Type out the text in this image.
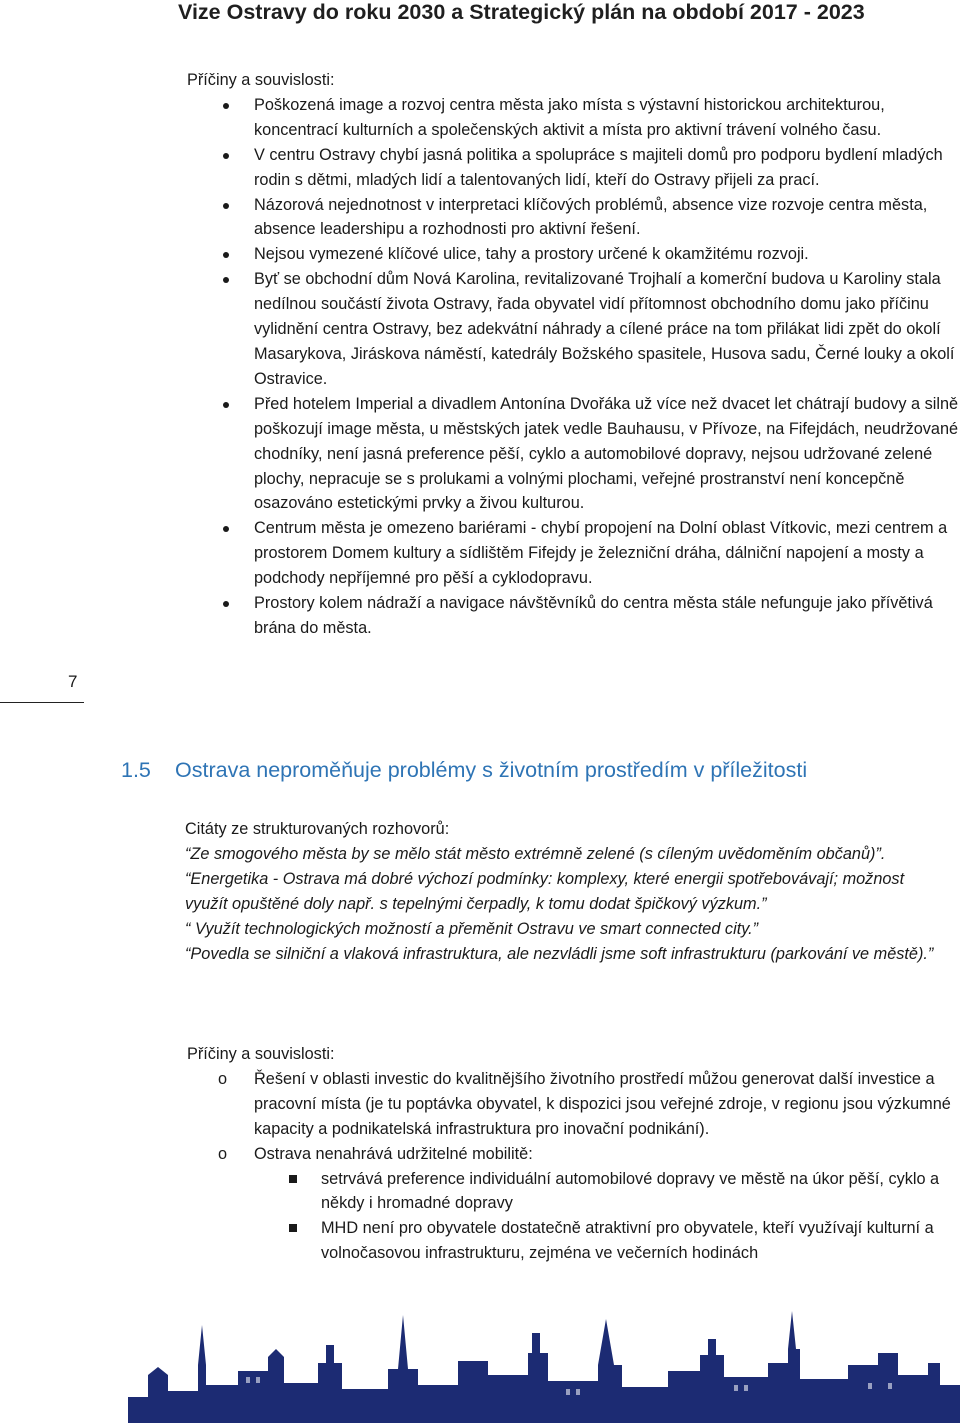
Vize Ostravy do roku 2030 a Strategický plán na období 2017 - 2023
7

Příčiny a souvislosti:

Poškozená image a rozvoj centra města jako místa s výstavní historickou architekturou, koncentrací kulturních a společenských aktivit a místa pro aktivní trávení volného času.
V centru Ostravy chybí jasná politika a spolupráce s majiteli domů pro podporu bydlení mladých rodin s dětmi, mladých lidí a talentovaných lidí, kteří do Ostravy přijeli za prací.
Názorová nejednotnost v interpretaci klíčových problémů, absence vize rozvoje centra města, absence leadershipu a rozhodnosti pro aktivní řešení.
Nejsou vymezené klíčové ulice, tahy a prostory určené k okamžitému rozvoji.
Byť se obchodní dům Nová Karolina, revitalizované Trojhalí a komerční budova u Karoliny stala nedílnou součástí života Ostravy, řada obyvatel vidí přítomnost obchodního domu jako příčinu vylidnění centra Ostravy, bez adekvátní náhrady a cílené práce na tom přilákat lidi zpět do okolí Masarykova, Jiráskova náměstí, katedrály Božského spasitele, Husova sadu, Černé louky a okolí Ostravice.
Před hotelem Imperial a divadlem Antonína Dvořáka už více než dvacet let chátrají budovy a silně poškozují image města, u městských jatek vedle Bauhausu, v Přívoze, na Fifejdách, neudržované chodníky, není jasná preference pěší, cyklo a automobilové dopravy, nejsou udržované zelené plochy, nepracuje se s prolukami a volnými plochami, veřejné prostranství není koncepčně osazováno estetickými prvky a živou kulturou.
Centrum města je omezeno bariérami - chybí propojení na Dolní oblast Vítkovic, mezi centrem a prostorem Domem kultury a sídlištěm Fifejdy je železniční dráha, dálniční napojení a mosty a podchody nepříjemné pro pěší a cyklodopravu.
Prostory kolem nádraží a navigace návštěvníků do centra města stále nefunguje jako přívětivá brána do města.
1.5 Ostrava neproměňuje problémy s životním prostředím v příležitosti

Citáty ze strukturovaných rozhovorů:

“Ze smogového města by se mělo stát město extrémně zelené (s cíleným uvědoměním občanů)”.

“Energetika - Ostrava má dobré výchozí podmínky: komplexy, které energii spotřebovávají; možnost využít opuštěné doly např. s tepelnými čerpadly, k tomu dodat špičkový výzkum.”

“ Využít technologických možností a přeměnit Ostravu ve smart connected city.”

“Povedla se silniční a vlaková infrastruktura, ale nezvládli jsme soft infrastrukturu (parkování ve městě).”

Příčiny a souvislosti:

o Řešení v oblasti investic do kvalitnějšího životního prostředí můžou generovat další investice a pracovní místa (je tu poptávka obyvatel, k dispozici jsou veřejné zdroje, v regionu jsou výzkumné kapacity a podnikatelská infrastruktura pro inovační podnikání).
o Ostrava nenahrává udržitelné mobilitě:
setrvává preference individuální automobilové dopravy ve městě na úkor pěší, cyklo a někdy i hromadné dopravy
MHD není pro obyvatele dostatečně atraktivní pro obyvatele, kteří využívají kulturní a volnočasovou infrastrukturu, zejména ve večerních hodinách
